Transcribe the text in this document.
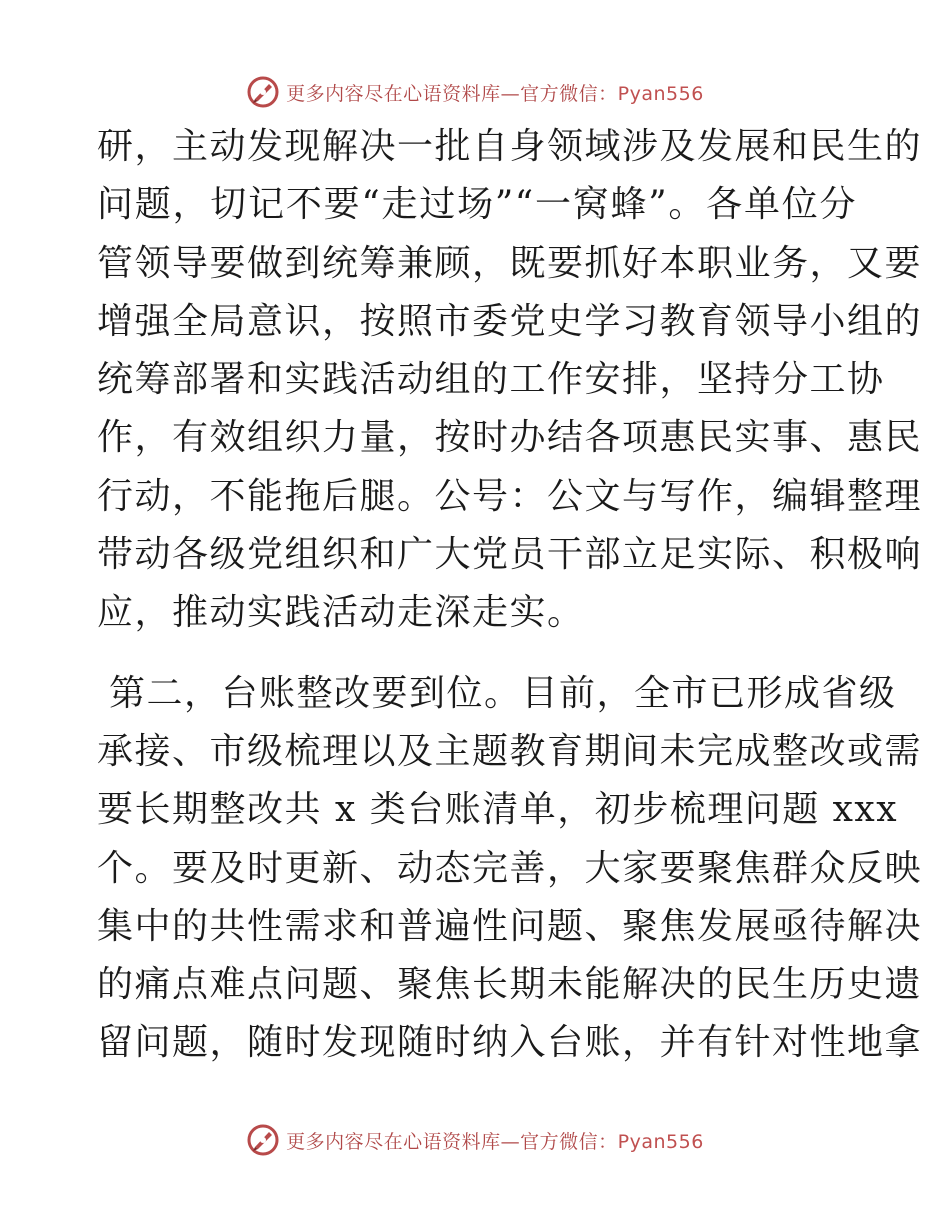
更多内容尽在心语资料库—官方微信：Pyan556
研，主动发现解决一批自身领域涉及发展和民生的
问题，切记不要“走过场”“一窝蜂”。各单位分
管领导要做到统筹兼顾，既要抓好本职业务，又要
增强全局意识，按照市委党史学习教育领导小组的
统筹部署和实践活动组的工作安排，坚持分工协
作，有效组织力量，按时办结各项惠民实事、惠民
行动，不能拖后腿。公号：公文与写作，编辑整理
带动各级党组织和广大党员干部立足实际、积极响
应，推动实践活动走深走实。
第二，台账整改要到位。目前，全市已形成省级
承接、市级梳理以及主题教育期间未完成整改或需
要长期整改共 x 类台账清单，初步梳理问题 xxx
个。要及时更新、动态完善，大家要聚焦群众反映
集中的共性需求和普遍性问题、聚焦发展亟待解决
的痛点难点问题、聚焦长期未能解决的民生历史遗
留问题，随时发现随时纳入台账，并有针对性地拿
更多内容尽在心语资料库—官方微信：Pyan556
